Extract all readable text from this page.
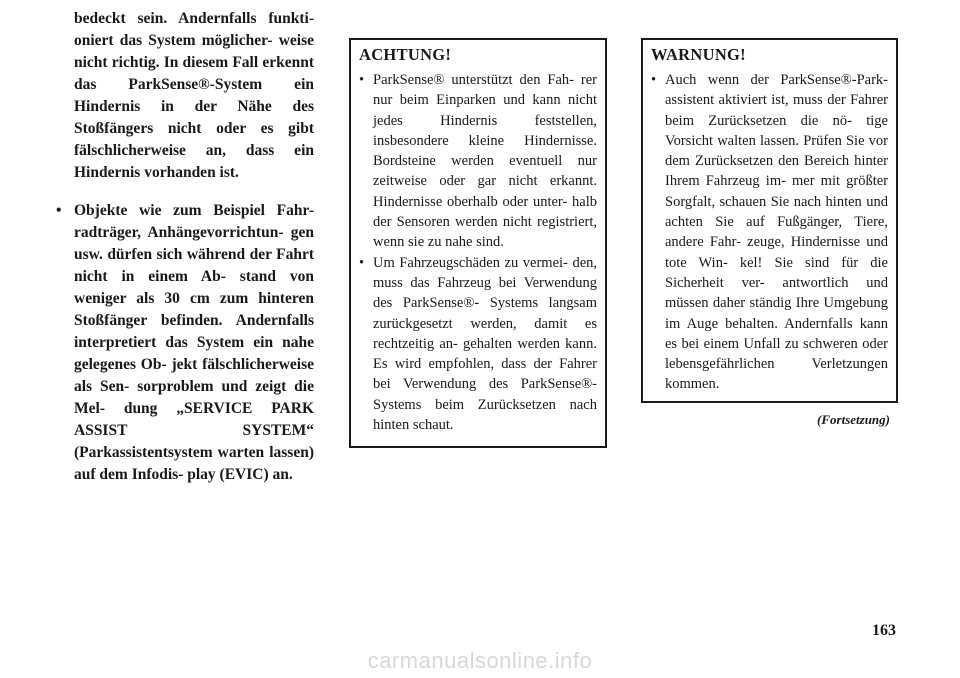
bedeckt sein. Andernfalls funkti- oniert das System möglicher- weise nicht richtig. In diesem Fall erkennt das ParkSense®-System ein Hindernis in der Nähe des Stoßfängers nicht oder es gibt fälschlicherweise an, dass ein Hindernis vorhanden ist.

• Objekte wie zum Beispiel Fahr- radträger, Anhängevorrichtun- gen usw. dürfen sich während der Fahrt nicht in einem Ab- stand von weniger als 30 cm zum hinteren Stoßfänger befinden. Andernfalls interpretiert das System ein nahe gelegenes Ob- jekt fälschlicherweise als Sen- sorproblem und zeigt die Mel- dung „SERVICE PARK ASSIST SYSTEM“ (Parkassistentsystem warten lassen) auf dem Infodis- play (EVIC) an.
ACHTUNG!
• ParkSense® unterstützt den Fah- rer nur beim Einparken und kann nicht jedes Hindernis feststellen, insbesondere kleine Hindernisse. Bordsteine werden eventuell nur zeitweise oder gar nicht erkannt. Hindernisse oberhalb oder unter- halb der Sensoren werden nicht registriert, wenn sie zu nahe sind.
• Um Fahrzeugschäden zu vermei- den, muss das Fahrzeug bei Verwendung des ParkSense®- Systems langsam zurückgesetzt werden, damit es rechtzeitig an- gehalten werden kann. Es wird empfohlen, dass der Fahrer bei Verwendung des ParkSense®- Systems beim Zurücksetzen nach hinten schaut.
WARNUNG!
• Auch wenn der ParkSense®-Park- assistent aktiviert ist, muss der Fahrer beim Zurücksetzen die nö- tige Vorsicht walten lassen. Prüfen Sie vor dem Zurücksetzen den Bereich hinter Ihrem Fahrzeug im- mer mit größter Sorgfalt, schauen Sie nach hinten und achten Sie auf Fußgänger, Tiere, andere Fahr- zeuge, Hindernisse und tote Win- kel! Sie sind für die Sicherheit ver- antwortlich und müssen daher ständig Ihre Umgebung im Auge behalten. Andernfalls kann es bei einem Unfall zu schweren oder lebensgefährlichen Verletzungen kommen.
(Fortsetzung)
163
carmanualsonline.info
